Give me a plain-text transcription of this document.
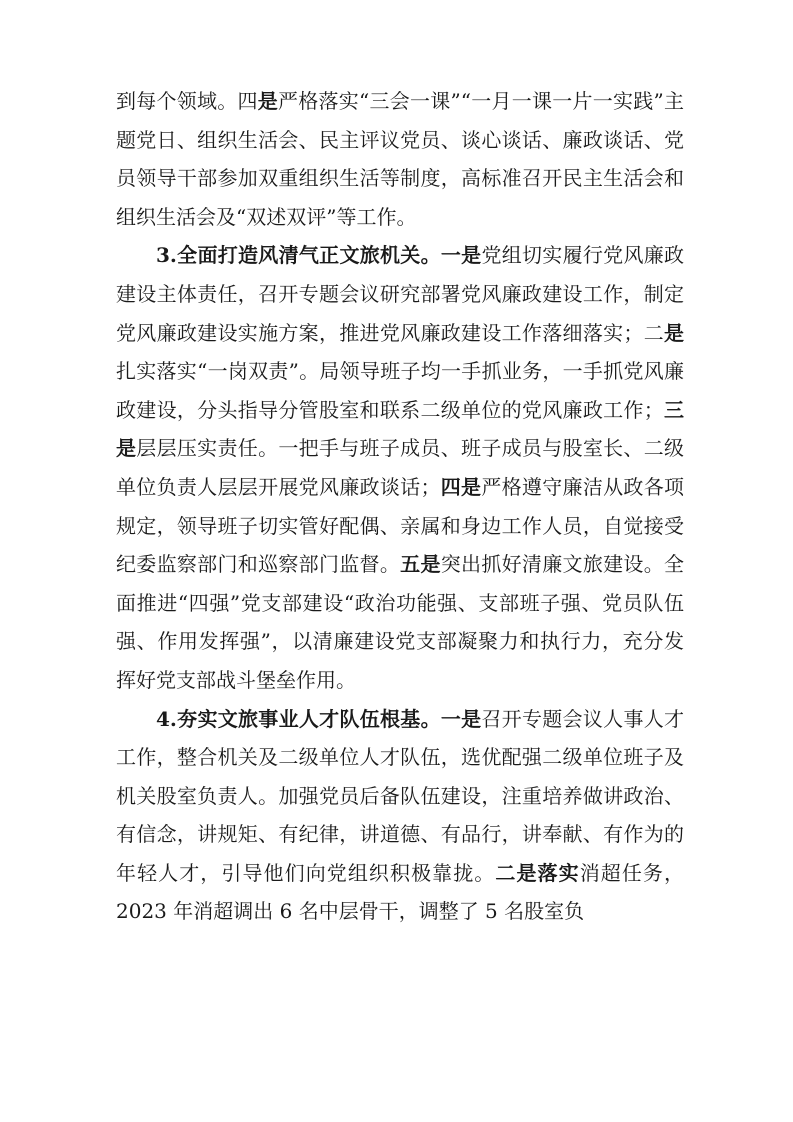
到每个领域。四是严格落实“三会一课”“一月一课一片一实践”主题党日、组织生活会、民主评议党员、谈心谈话、廉政谈话、党员领导干部参加双重组织生活等制度，高标准召开民主生活会和组织生活会及“双述双评”等工作。

3.全面打造风清气正文旅机关。一是党组切实履行党风廉政建设主体责任，召开专题会议研究部署党风廉政建设工作，制定党风廉政建设实施方案，推进党风廉政建设工作落细落实；二是扎实落实“一岗双责”。局领导班子均一手抓业务，一手抓党风廉政建设，分头指导分管股室和联系二级单位的党风廉政工作；三是层层压实责任。一把手与班子成员、班子成员与股室长、二级单位负责人层层开展党风廉政谈话；四是严格遵守廉洁从政各项规定，领导班子切实管好配偶、亲属和身边工作人员，自觉接受纪委监察部门和巡察部门监督。五是突出抓好清廉文旅建设。全面推进“四强”党支部建设“政治功能强、支部班子强、党员队伍强、作用发挥强”，以清廉建设党支部凝聚力和执行力，充分发挥好党支部战斗堡垒作用。

4.夯实文旅事业人才队伍根基。一是召开专题会议人事人才工作，整合机关及二级单位人才队伍，选优配强二级单位班子及机关股室负责人。加强党员后备队伍建设，注重培养做讲政治、有信念，讲规矩、有纪律，讲道德、有品行，讲奉献、有作为的年轻人才，引导他们向党组织积极靠拢。二是落实消超任务，2023 年消超调出 6 名中层骨干，调整了 5 名股室负
